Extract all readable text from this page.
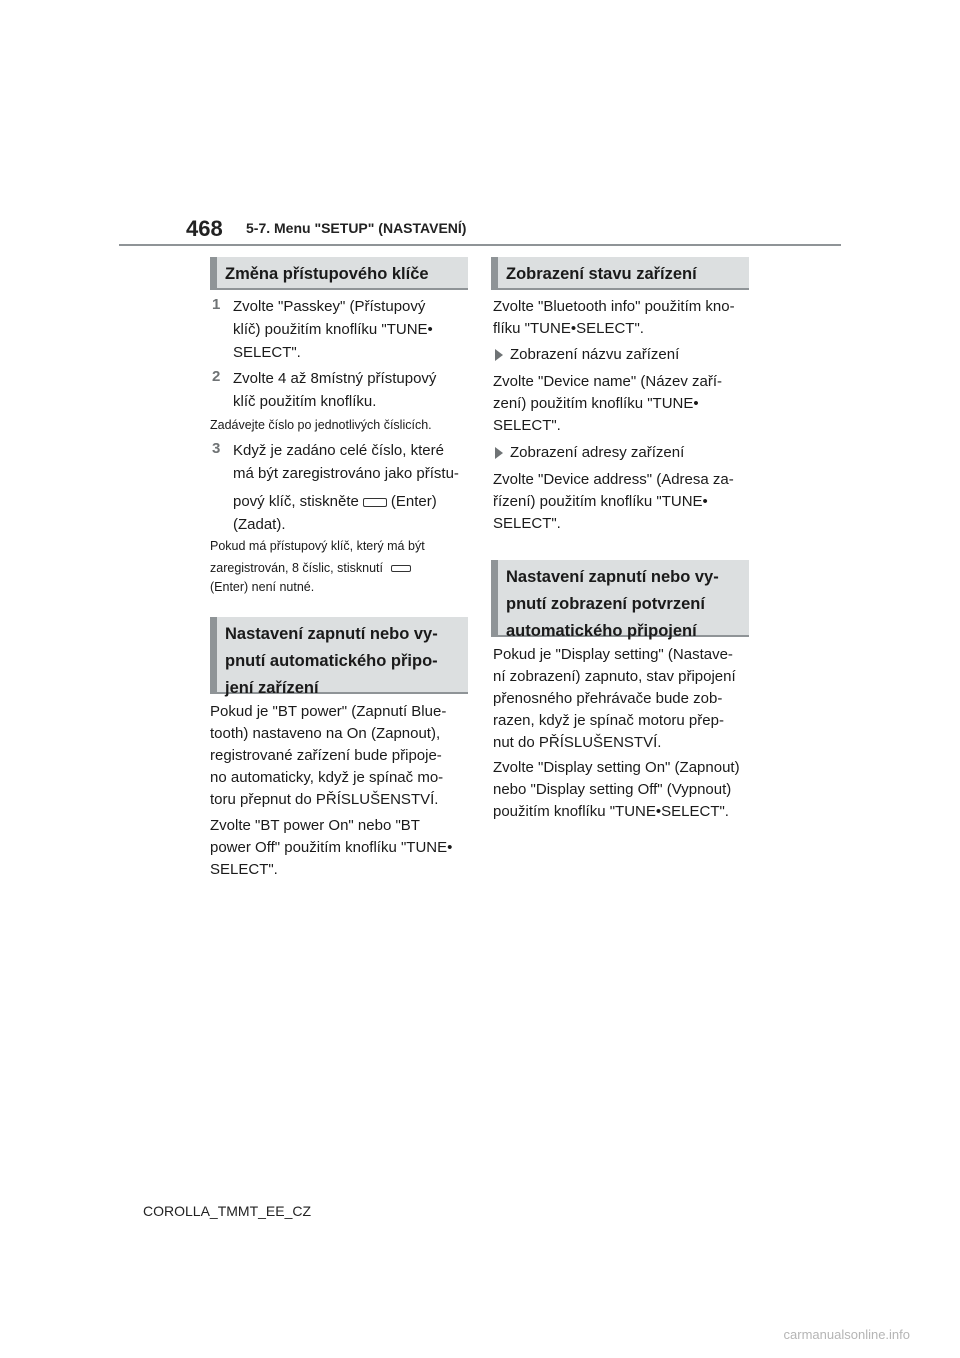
468 5-7. Menu "SETUP" (NASTAVENÍ)
Změna přístupového klíče
1 Zvolte "Passkey" (Přístupový
klíč) použitím knoflíku "TUNE•
SELECT".
2 Zvolte 4 až 8místný přístupový
klíč použitím knoflíku.
Zadávejte číslo po jednotlivých číslicích.
3 Když je zadáno celé číslo, které
má být zaregistrováno jako přístu-
pový klíč, stiskněte (Enter)
(Zadat).
Pokud má přístupový klíč, který má být
zaregistrován, 8 číslic, stisknutí
(Enter) není nutné.
Nastavení zapnutí nebo vy-
pnutí automatického připo-
jení zařízení
Pokud je "BT power" (Zapnutí Blue-
tooth) nastaveno na On (Zapnout),
registrované zařízení bude připoje-
no automaticky, když je spínač mo-
toru přepnut do PŘÍSLUŠENSTVÍ.
Zvolte "BT power On" nebo "BT
power Off" použitím knoflíku "TUNE•
SELECT".
Zobrazení stavu zařízení
Zvolte "Bluetooth info" použitím kno-
flíku "TUNE•SELECT".
Zobrazení názvu zařízení
Zvolte "Device name" (Název zaří-
zení) použitím knoflíku "TUNE•
SELECT".
Zobrazení adresy zařízení
Zvolte "Device address" (Adresa za-
řízení) použitím knoflíku "TUNE•
SELECT".
Nastavení zapnutí nebo vy-
pnutí zobrazení potvrzení
automatického připojení
Pokud je "Display setting" (Nastave-
ní zobrazení) zapnuto, stav připojení
přenosného přehrávače bude zob-
razen, když je spínač motoru přep-
nut do PŘÍSLUŠENSTVÍ.
Zvolte "Display setting On" (Zapnout)
nebo "Display setting Off" (Vypnout)
použitím knoflíku "TUNE•SELECT".
COROLLA_TMMT_EE_CZ
carmanualsonline.info
